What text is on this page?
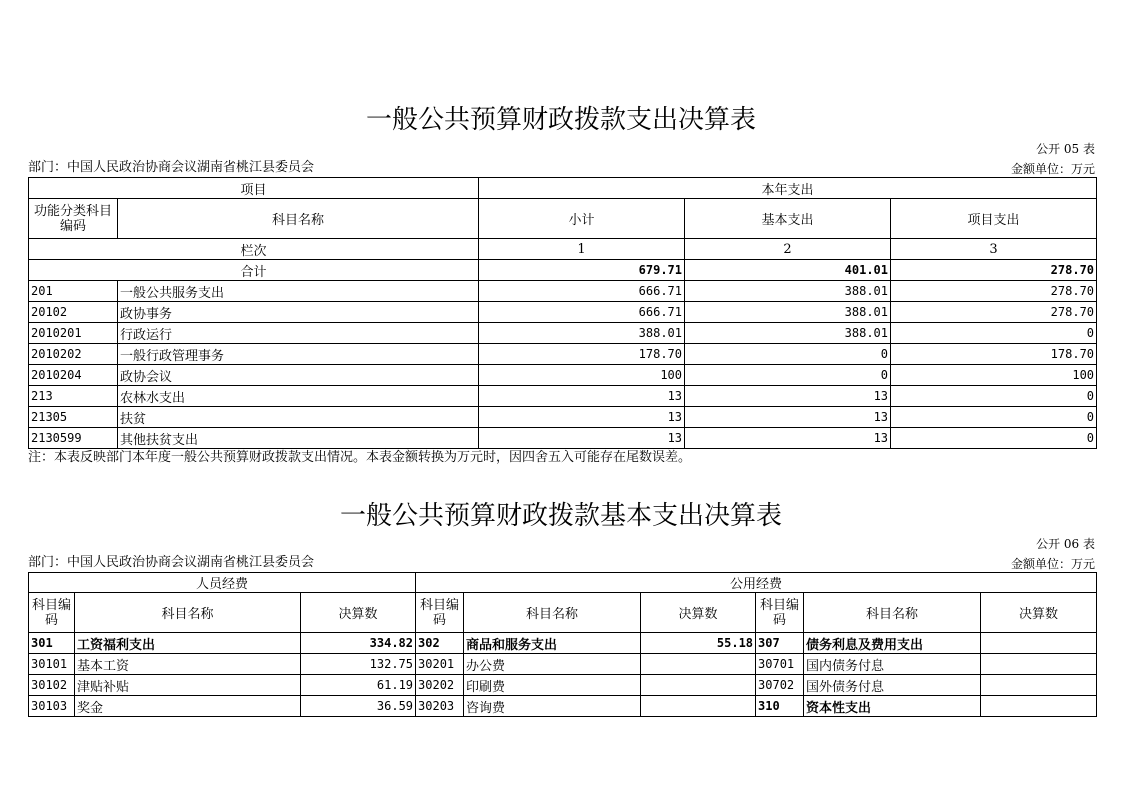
一般公共预算财政拨款支出决算表
公开 05 表
部门：中国人民政治协商会议湖南省桃江县委员会	金额单位：万元
项目		本年支出		
功能分类科目编码	科目名称	小计	基本支出	项目支出
栏次		1	2	3
合计		679.71	401.01	278.70
201	一般公共服务支出	666.71	388.01	278.70
20102	政协事务	666.71	388.01	278.70
2010201	行政运行	388.01	388.01	0
2010202	一般行政管理事务	178.70	0	178.70
2010204	政协会议	100	0	100
213	农林水支出	13	13	0
21305	扶贫	13	13	0
2130599	其他扶贫支出	13	13	0
注：本表反映部门本年度一般公共预算财政拨款支出情况。本表金额转换为万元时，因四舍五入可能存在尾数误差。
一般公共预算财政拨款基本支出决算表
公开 06 表
部门：中国人民政治协商会议湖南省桃江县委员会	金额单位：万元
人员经费			公用经费					
科目编码	科目名称	决算数	科目编码	科目名称	决算数	科目编码	科目名称	决算数
301	工资福利支出	334.82	302	商品和服务支出	55.18	307	债务利息及费用支出	
30101	基本工资	132.75	30201	办公费		30701	国内债务付息	
30102	津贴补贴	61.19	30202	印刷费		30702	国外债务付息	
30103	奖金	36.59	30203	咨询费		310	资本性支出	
